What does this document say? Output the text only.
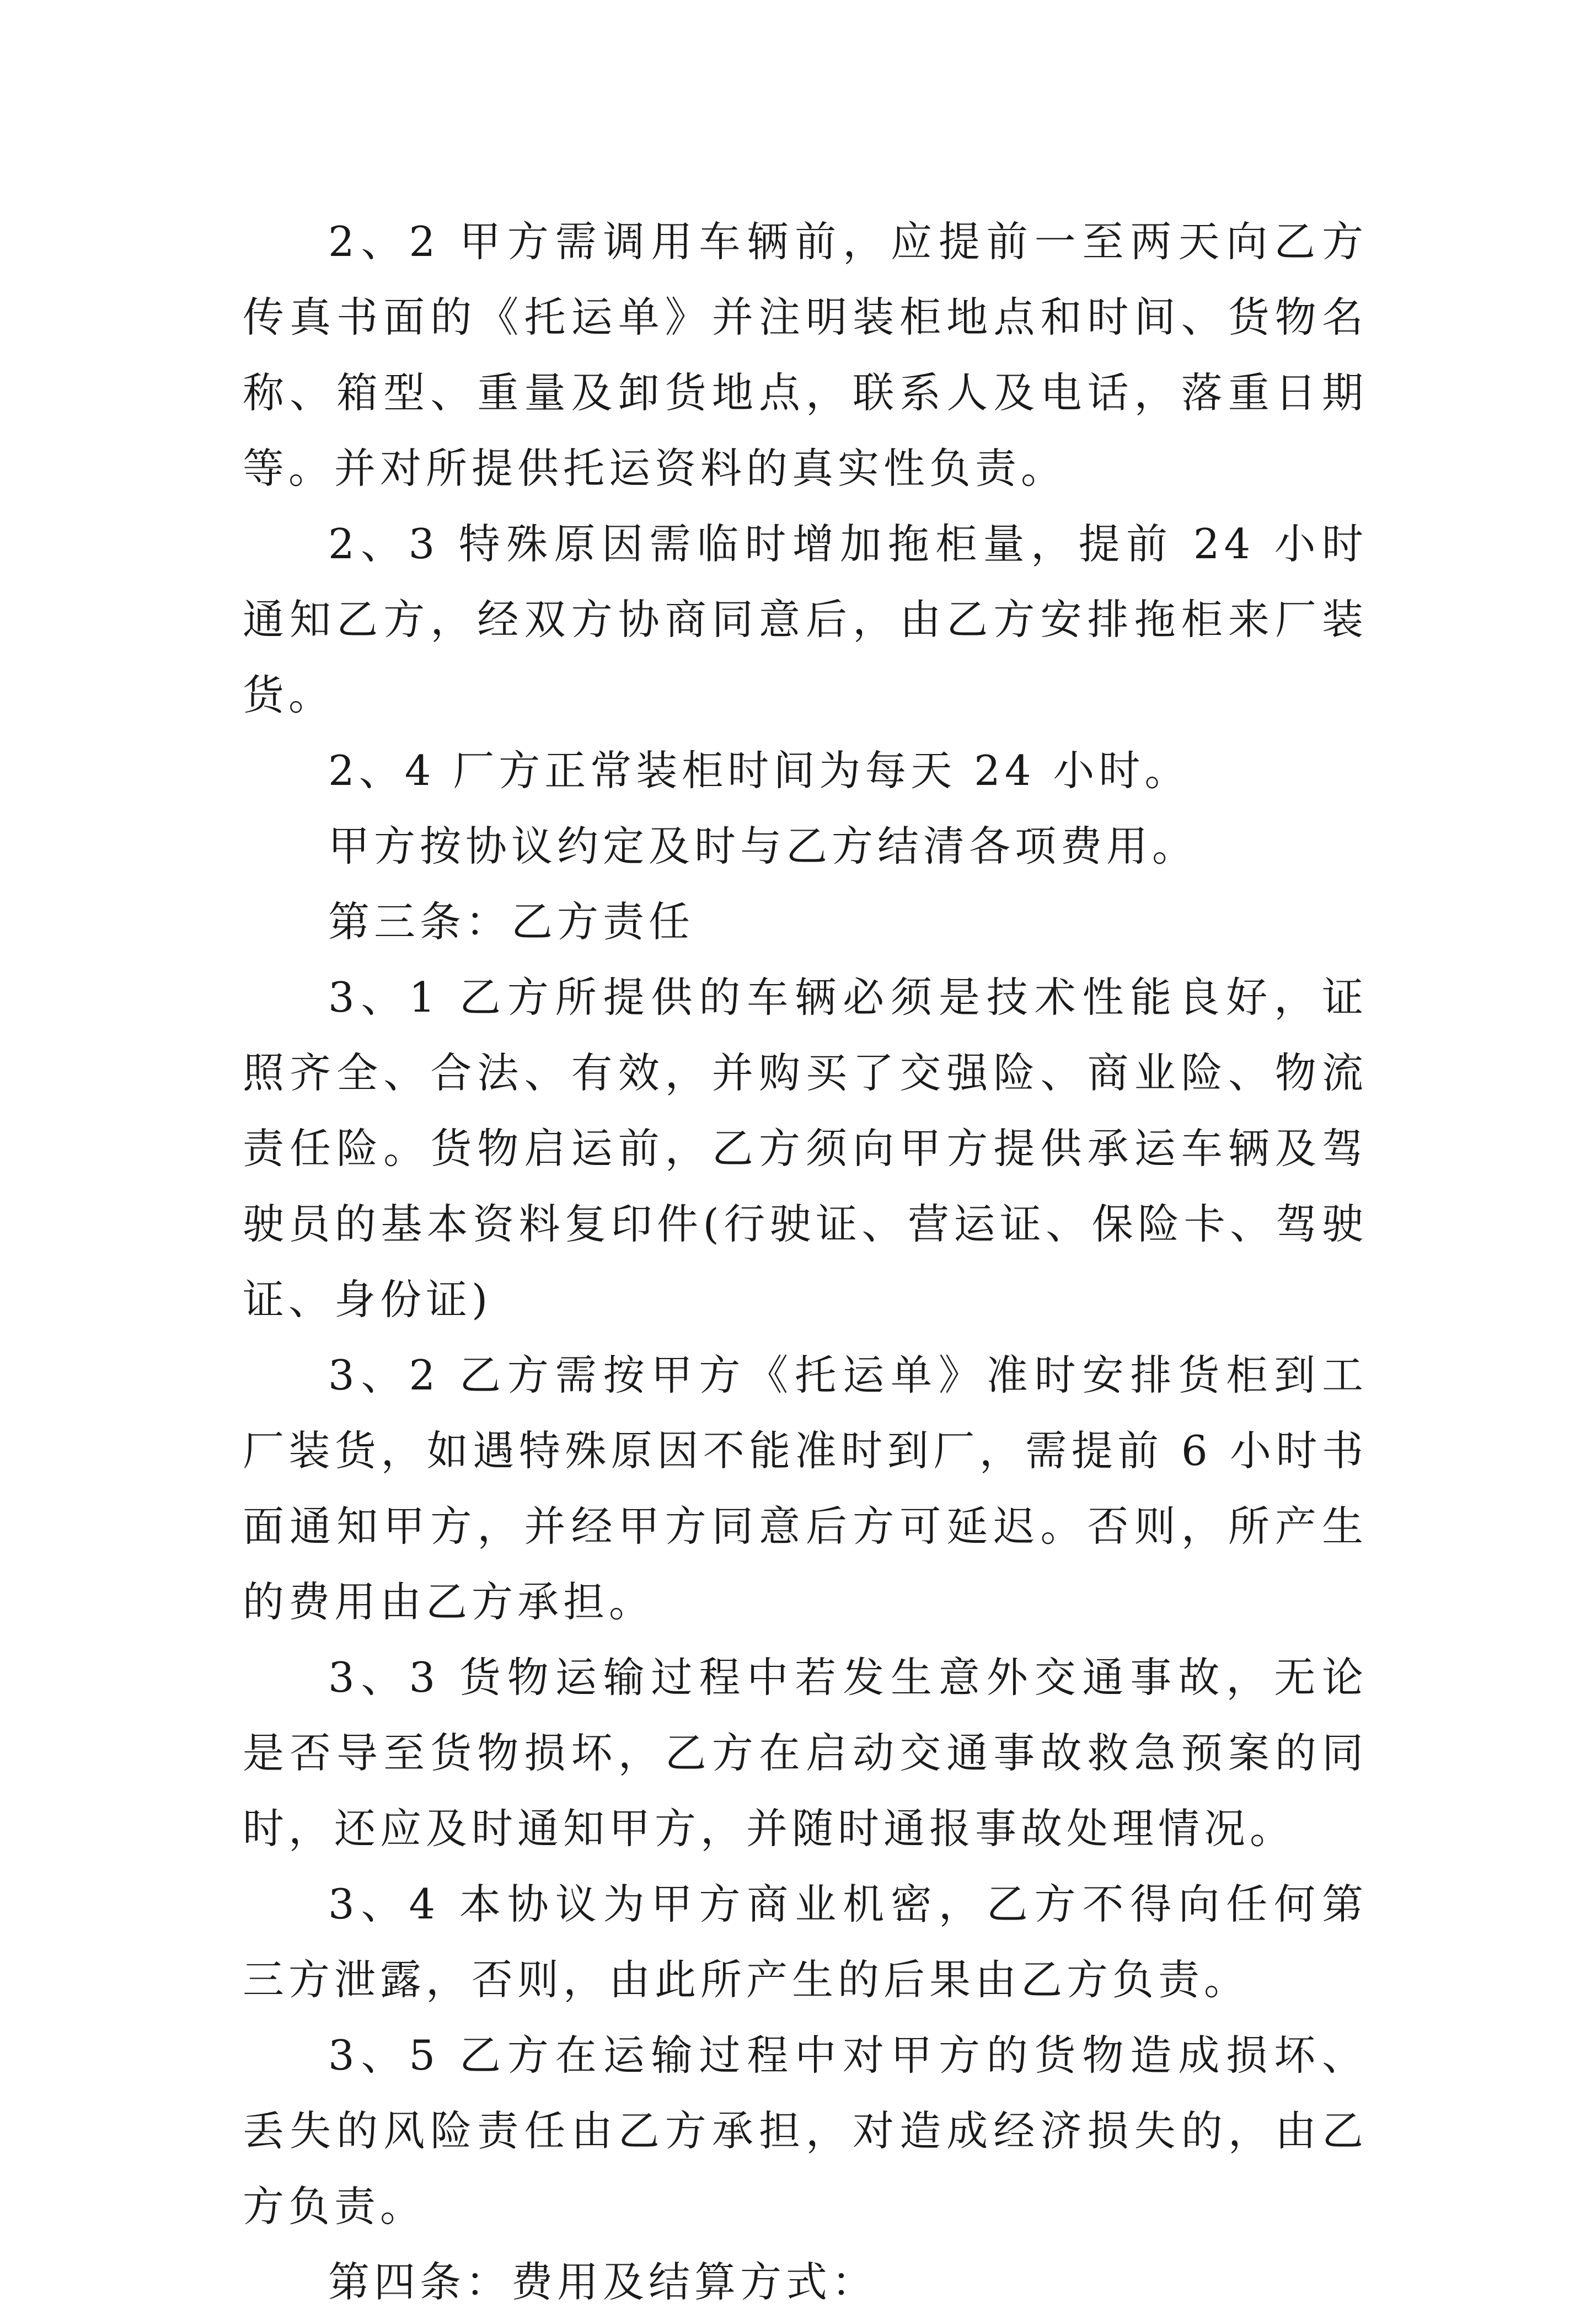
2、2 甲方需调用车辆前，应提前一至两天向乙方传真书面的《托运单》并注明装柜地点和时间、货物名称、箱型、重量及卸货地点，联系人及电话，落重日期等。并对所提供托运资料的真实性负责。

2、3 特殊原因需临时增加拖柜量，提前 24 小时通知乙方，经双方协商同意后，由乙方安排拖柜来厂装货。

2、4 厂方正常装柜时间为每天 24 小时。

甲方按协议约定及时与乙方结清各项费用。

第三条：乙方责任

3、1 乙方所提供的车辆必须是技术性能良好，证照齐全、合法、有效，并购买了交强险、商业险、物流责任险。货物启运前，乙方须向甲方提供承运车辆及驾驶员的基本资料复印件(行驶证、营运证、保险卡、驾驶证、身份证)

3、2 乙方需按甲方《托运单》准时安排货柜到工厂装货，如遇特殊原因不能准时到厂，需提前 6 小时书面通知甲方，并经甲方同意后方可延迟。否则，所产生的费用由乙方承担。

3、3 货物运输过程中若发生意外交通事故，无论是否导至货物损坏，乙方在启动交通事故救急预案的同时，还应及时通知甲方，并随时通报事故处理情况。

3、4 本协议为甲方商业机密，乙方不得向任何第三方泄露，否则，由此所产生的后果由乙方负责。

3、5 乙方在运输过程中对甲方的货物造成损坏、丢失的风险责任由乙方承担，对造成经济损失的，由乙方负责。

第四条：费用及结算方式：
